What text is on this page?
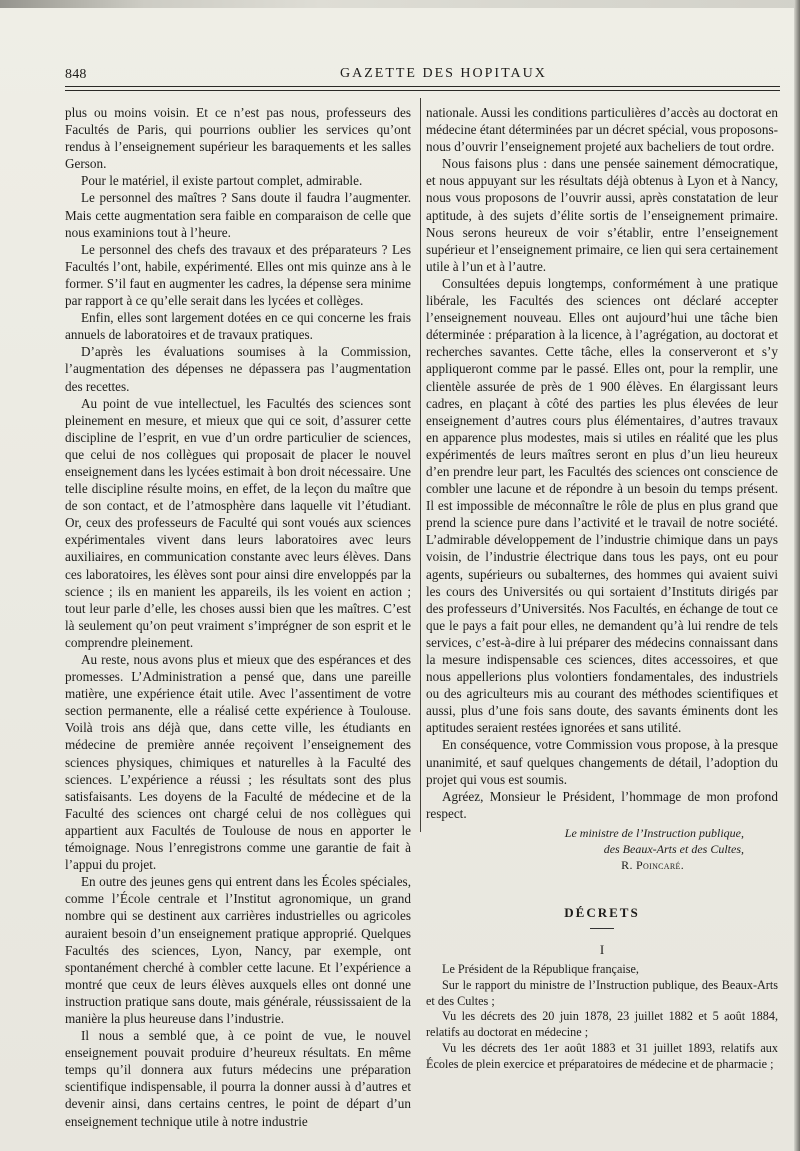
848	GAZETTE DES HOPITAUX

plus ou moins voisin. Et ce n’est pas nous, professeurs des Facultés de Paris, qui pourrions oublier les services qu’ont rendus à l’enseignement supérieur les baraquements et les salles Gerson.

Pour le matériel, il existe partout complet, admirable.

Le personnel des maîtres ? Sans doute il faudra l’augmenter. Mais cette augmentation sera faible en comparaison de celle que nous examinions tout à l’heure.

Le personnel des chefs des travaux et des préparateurs ? Les Facultés l’ont, habile, expérimenté. Elles ont mis quinze ans à le former. S’il faut en augmenter les cadres, la dépense sera minime par rapport à ce qu’elle serait dans les lycées et collèges.

Enfin, elles sont largement dotées en ce qui concerne les frais annuels de laboratoires et de travaux pratiques.

D’après les évaluations soumises à la Commission, l’augmentation des dépenses ne dépassera pas l’augmentation des recettes.

Au point de vue intellectuel, les Facultés des sciences sont pleinement en mesure, et mieux que qui ce soit, d’assurer cette discipline de l’esprit, en vue d’un ordre particulier de sciences, que celui de nos collègues qui proposait de placer le nouvel enseignement dans les lycées estimait à bon droit nécessaire. Une telle discipline résulte moins, en effet, de la leçon du maître que de son contact, et de l’atmosphère dans laquelle vit l’étudiant. Or, ceux des professeurs de Faculté qui sont voués aux sciences expérimentales vivent dans leurs laboratoires avec leurs auxiliaires, en communication constante avec leurs élèves. Dans ces laboratoires, les élèves sont pour ainsi dire enveloppés par la science ; ils en manient les appareils, ils les voient en action ; tout leur parle d’elle, les choses aussi bien que les maîtres. C’est là seulement qu’on peut vraiment s’imprégner de son esprit et le comprendre pleinement.

Au reste, nous avons plus et mieux que des espérances et des promesses. L’Administration a pensé que, dans une pareille matière, une expérience était utile. Avec l’assentiment de votre section permanente, elle a réalisé cette expérience à Toulouse. Voilà trois ans déjà que, dans cette ville, les étudiants en médecine de première année reçoivent l’enseignement des sciences physiques, chimiques et naturelles à la Faculté des sciences. L’expérience a réussi ; les résultats sont des plus satisfaisants. Les doyens de la Faculté de médecine et de la Faculté des sciences ont chargé celui de nos collègues qui appartient aux Facultés de Toulouse de nous en apporter le témoignage. Nous l’enregistrons comme une garantie de fait à l’appui du projet.

En outre des jeunes gens qui entrent dans les Écoles spéciales, comme l’École centrale et l’Institut agronomique, un grand nombre qui se destinent aux carrières industrielles ou agricoles auraient besoin d’un enseignement pratique approprié. Quelques Facultés des sciences, Lyon, Nancy, par exemple, ont spontanément cherché à combler cette lacune. Et l’expérience a montré que ceux de leurs élèves auxquels elles ont donné une instruction pratique sans doute, mais générale, réussissaient de la manière la plus heureuse dans l’industrie.

Il nous a semblé que, à ce point de vue, le nouvel enseignement pouvait produire d’heureux résultats. En même temps qu’il donnera aux futurs médecins une préparation scientifique indispensable, il pourra la donner aussi à d’autres et devenir ainsi, dans certains centres, le point de départ d’un enseignement technique utile à notre industrie

nationale. Aussi les conditions particulières d’accès au doctorat en médecine étant déterminées par un décret spécial, vous proposons-nous d’ouvrir l’enseignement projeté aux bacheliers de tout ordre.

Nous faisons plus : dans une pensée sainement démocratique, et nous appuyant sur les résultats déjà obtenus à Lyon et à Nancy, nous vous proposons de l’ouvrir aussi, après constatation de leur aptitude, à des sujets d’élite sortis de l’enseignement primaire. Nous serons heureux de voir s’établir, entre l’enseignement supérieur et l’enseignement primaire, ce lien qui sera certainement utile à l’un et à l’autre.

Consultées depuis longtemps, conformément à une pratique libérale, les Facultés des sciences ont déclaré accepter l’enseignement nouveau. Elles ont aujourd’hui une tâche bien déterminée : préparation à la licence, à l’agrégation, au doctorat et recherches savantes. Cette tâche, elles la conserveront et s’y appliqueront comme par le passé. Elles ont, pour la remplir, une clientèle assurée de près de 1 900 élèves. En élargissant leurs cadres, en plaçant à côté des parties les plus élevées de leur enseignement d’autres cours plus élémentaires, d’autres travaux en apparence plus modestes, mais si utiles en réalité que les plus expérimentés de leurs maîtres seront en plus d’un lieu heureux d’en prendre leur part, les Facultés des sciences ont conscience de combler une lacune et de répondre à un besoin du temps présent. Il est impossible de méconnaître le rôle de plus en plus grand que prend la science pure dans l’activité et le travail de notre société. L’admirable développement de l’industrie chimique dans un pays voisin, de l’industrie électrique dans tous les pays, ont eu pour agents, supérieurs ou subalternes, des hommes qui avaient suivi les cours des Universités ou qui sortaient d’Instituts dirigés par des professeurs d’Universités. Nos Facultés, en échange de tout ce que le pays a fait pour elles, ne demandent qu’à lui rendre de tels services, c’est-à-dire à lui préparer des médecins connaissant dans la mesure indispensable ces sciences, dites accessoires, et que nous appellerions plus volontiers fondamentales, des industriels ou des agriculteurs mis au courant des méthodes scientifiques et aussi, plus d’une fois sans doute, des savants éminents dont les aptitudes seraient restées ignorées et sans utilité.

En conséquence, votre Commission vous propose, à la presque unanimité, et sauf quelques changements de détail, l’adoption du projet qui vous est soumis.

Agréez, Monsieur le Président, l’hommage de mon profond respect.

Le ministre de l’Instruction publique,
des Beaux-Arts et des Cultes,
R. Poincaré.
DÉCRETS
I

Le Président de la République française,

Sur le rapport du ministre de l’Instruction publique, des Beaux-Arts et des Cultes ;

Vu les décrets des 20 juin 1878, 23 juillet 1882 et 5 août 1884, relatifs au doctorat en médecine ;

Vu les décrets des 1er août 1883 et 31 juillet 1893, relatifs aux Écoles de plein exercice et préparatoires de médecine et de pharmacie ;
